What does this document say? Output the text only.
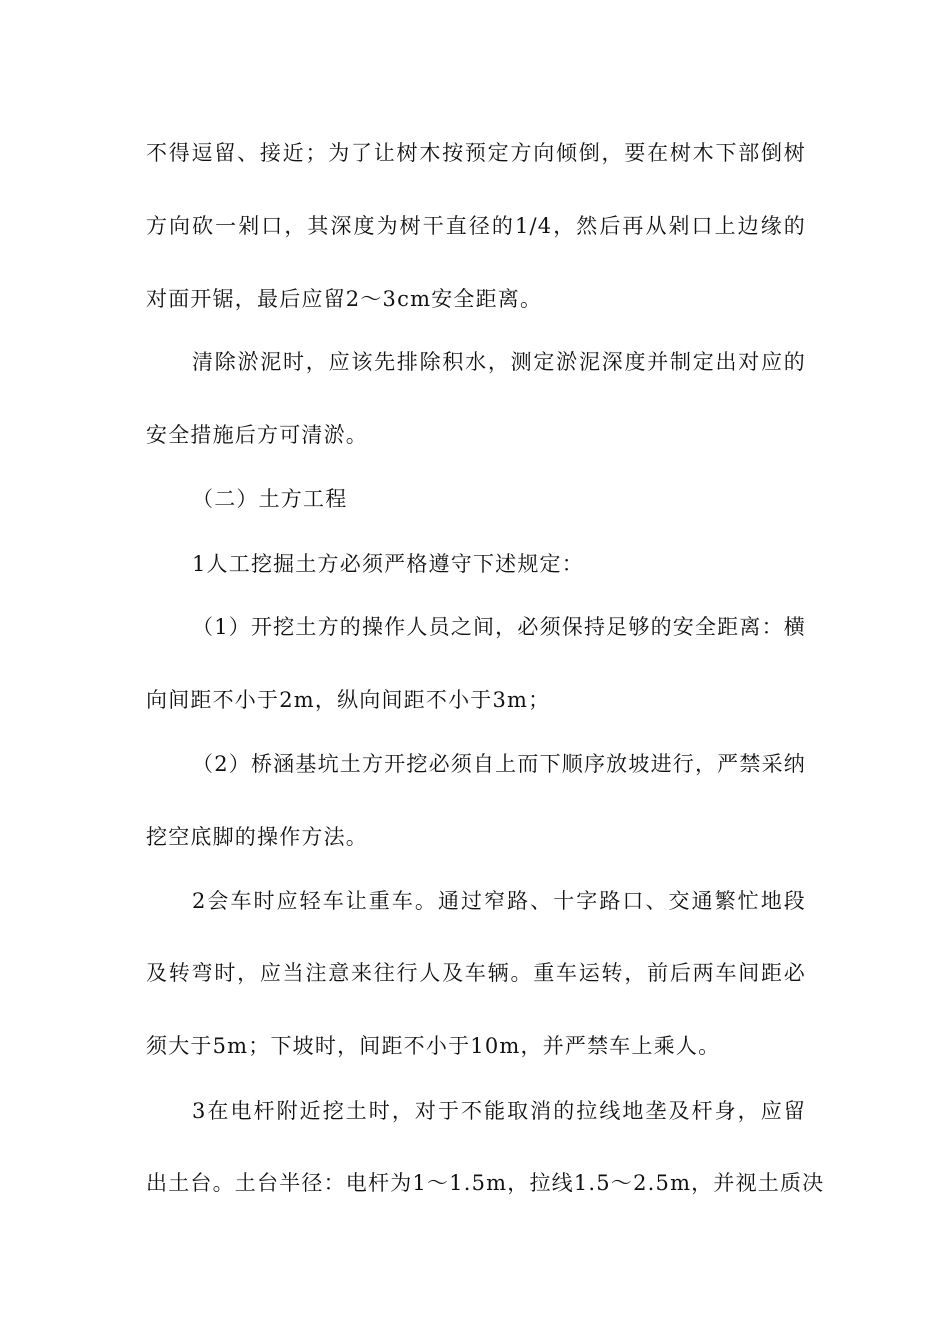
不得逗留、接近；为了让树木按预定方向倾倒，要在树木下部倒树
方向砍一剁口，其深度为树干直径的1/4，然后再从剁口上边缘的
对面开锯，最后应留2～3cm安全距离。
清除淤泥时，应该先排除积水，测定淤泥深度并制定出对应的
安全措施后方可清淤。
（二）土方工程
1人工挖掘土方必须严格遵守下述规定：
（1）开挖土方的操作人员之间，必须保持足够的安全距离：横
向间距不小于2m，纵向间距不小于3m；
（2）桥涵基坑土方开挖必须自上而下顺序放坡进行，严禁采纳
挖空底脚的操作方法。
2会车时应轻车让重车。通过窄路、十字路口、交通繁忙地段
及转弯时，应当注意来往行人及车辆。重车运转，前后两车间距必
须大于5m；下坡时，间距不小于10m，并严禁车上乘人。
3在电杆附近挖土时，对于不能取消的拉线地垄及杆身，应留
出土台。土台半径：电杆为1～1.5m，拉线1.5～2.5m，并视土质决
